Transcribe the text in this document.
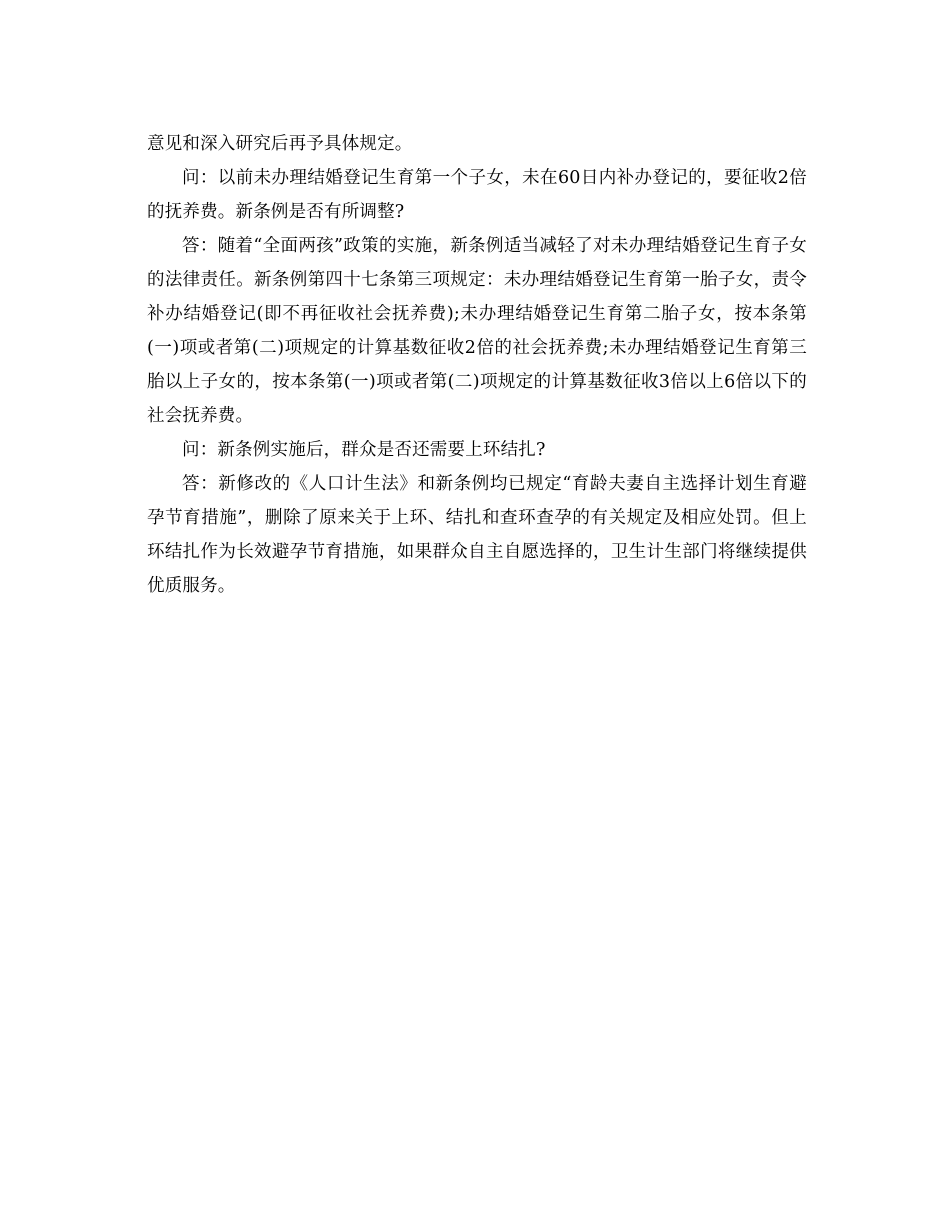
意见和深入研究后再予具体规定。

问：以前未办理结婚登记生育第一个子女，未在60日内补办登记的，要征收2倍的抚养费。新条例是否有所调整?

答：随着“全面两孩”政策的实施，新条例适当减轻了对未办理结婚登记生育子女的法律责任。新条例第四十七条第三项规定：未办理结婚登记生育第一胎子女，责令补办结婚登记(即不再征收社会抚养费);未办理结婚登记生育第二胎子女，按本条第(一)项或者第(二)项规定的计算基数征收2倍的社会抚养费;未办理结婚登记生育第三胎以上子女的，按本条第(一)项或者第(二)项规定的计算基数征收3倍以上6倍以下的社会抚养费。

问：新条例实施后，群众是否还需要上环结扎?

答：新修改的《人口计生法》和新条例均已规定“育龄夫妻自主选择计划生育避孕节育措施”，删除了原来关于上环、结扎和查环查孕的有关规定及相应处罚。但上环结扎作为长效避孕节育措施，如果群众自主自愿选择的，卫生计生部门将继续提供优质服务。
